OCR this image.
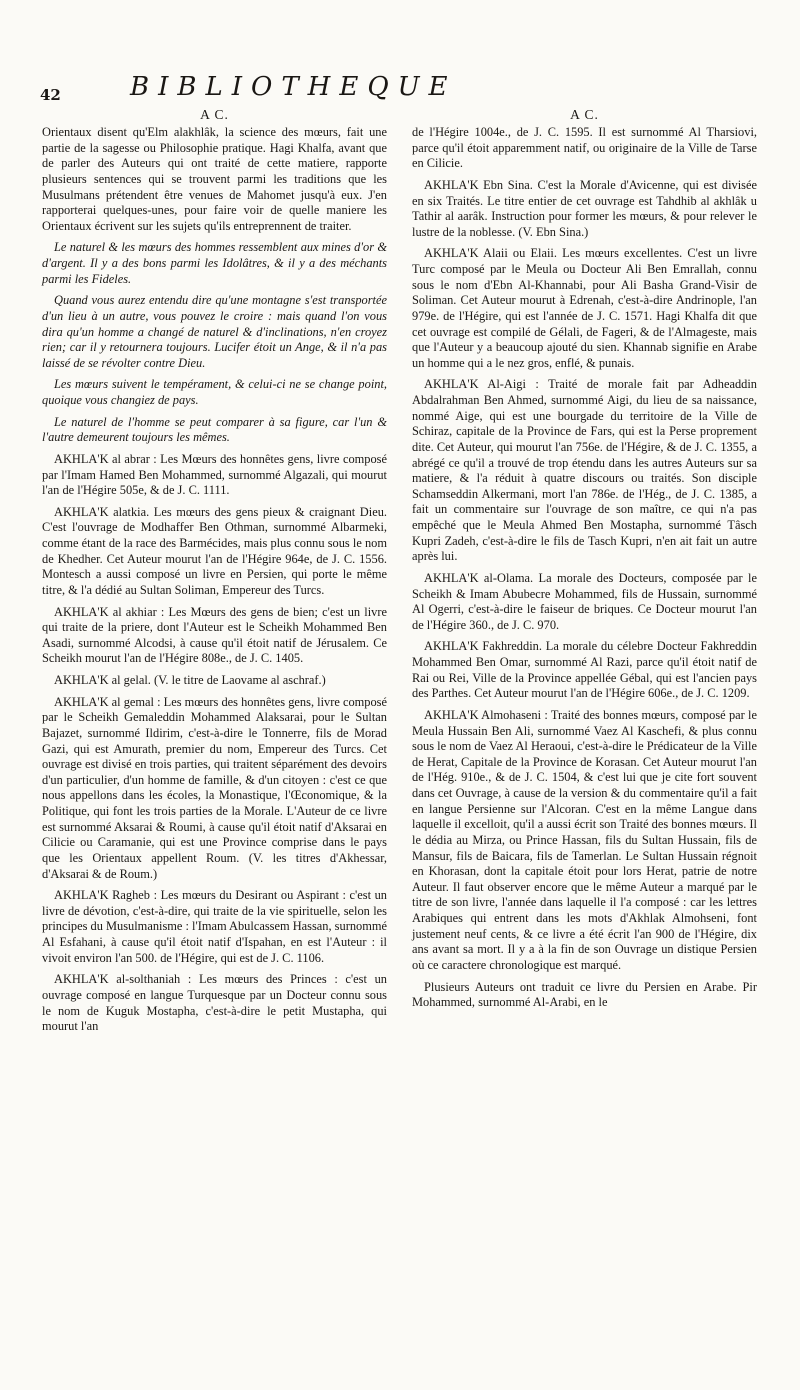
42	BIBLIOTHEQUE
A C.

Orientaux disent qu'Elm alakhlâk, la science des mœurs, fait une partie de la sagesse ou Philosophie pratique. Hagi Khalfa, avant que de parler des Auteurs qui ont traité de cette matiere, rapporte plusieurs sentences qui se trouvent parmi les traditions que les Musulmans prétendent être venues de Mahomet jusqu'à eux. J'en rapporterai quelques-unes, pour faire voir de quelle maniere les Orientaux écrivent sur les sujets qu'ils entreprennent de traiter.

Le naturel & les mœurs des hommes ressemblent aux mines d'or & d'argent. Il y a des bons parmi les Idolâtres, & il y a des méchants parmi les Fideles.

Quand vous aurez entendu dire qu'une montagne s'est transportée d'un lieu à un autre, vous pouvez le croire : mais quand l'on vous dira qu'un homme a changé de naturel & d'inclinations, n'en croyez rien; car il y retournera toujours. Lucifer étoit un Ange, & il n'a pas laissé de se révolter contre Dieu.

Les mœurs suivent le tempérament, & celui-ci ne se change point, quoique vous changiez de pays.

Le naturel de l'homme se peut comparer à sa figure, car l'un & l'autre demeurent toujours les mêmes.

AKHLA'K al abrar : Les Mœurs des honnêtes gens, livre composé par l'Imam Hamed Ben Mohammed, surnommé Algazali, qui mourut l'an de l'Hégire 505e, & de J. C. 1111.

AKHLA'K alatkia. Les mœurs des gens pieux & craignant Dieu. C'est l'ouvrage de Modhaffer Ben Othman, surnommé Albarmeki, comme étant de la race des Barmécides, mais plus connu sous le nom de Khedher. Cet Auteur mourut l'an de l'Hégire 964e, de J. C. 1556. Montesch a aussi composé un livre en Persien, qui porte le même titre, & l'a dédié au Sultan Soliman, Empereur des Turcs.

AKHLA'K al akhiar : Les Mœurs des gens de bien; c'est un livre qui traite de la priere, dont l'Auteur est le Scheikh Mohammed Ben Asadi, surnommé Alcodsi, à cause qu'il étoit natif de Jérusalem. Ce Scheikh mourut l'an de l'Hégire 808e., de J. C. 1405.

AKHLA'K al gelal. (V. le titre de Laovame al aschraf.)

AKHLA'K al gemal : Les mœurs des honnêtes gens, livre composé par le Scheikh Gemaleddin Mohammed Alaksarai, pour le Sultan Bajazet, surnommé Ildirim, c'est-à-dire le Tonnerre, fils de Morad Gazi, qui est Amurath, premier du nom, Empereur des Turcs. Cet ouvrage est divisé en trois parties, qui traitent séparément des devoirs d'un particulier, d'un homme de famille, & d'un citoyen : c'est ce que nous appellons dans les écoles, la Monastique, l'Œconomique, & la Politique, qui font les trois parties de la Morale. L'Auteur de ce livre est surnommé Aksarai & Roumi, à cause qu'il étoit natif d'Aksarai en Cilicie ou Caramanie, qui est une Province comprise dans le pays que les Orientaux appellent Roum. (V. les titres d'Akhessar, d'Aksarai & de Roum.)

AKHLA'K Ragheb : Les mœurs du Desirant ou Aspirant : c'est un livre de dévotion, c'est-à-dire, qui traite de la vie spirituelle, selon les principes du Musulmanisme : l'Imam Abulcassem Hassan, surnommé Al Esfahani, à cause qu'il étoit natif d'Ispahan, en est l'Auteur : il vivoit environ l'an 500. de l'Hégire, qui est de J. C. 1106.

AKHLA'K al-solthaniah : Les mœurs des Princes : c'est un ouvrage composé en langue Turquesque par un Docteur connu sous le nom de Kuguk Mostapha, c'est-à-dire le petit Mustapha, qui mourut l'an

A C.

de l'Hégire 1004e., de J. C. 1595. Il est surnommé Al Tharsiovi, parce qu'il étoit apparemment natif, ou originaire de la Ville de Tarse en Cilicie.

AKHLA'K Ebn Sina. C'est la Morale d'Avicenne, qui est divisée en six Traités. Le titre entier de cet ouvrage est Tahdhib al akhlâk u Tathir al aarâk. Instruction pour former les mœurs, & pour relever le lustre de la noblesse. (V. Ebn Sina.)

AKHLA'K Alaii ou Elaii. Les mœurs excellentes. C'est un livre Turc composé par le Meula ou Docteur Ali Ben Emrallah, connu sous le nom d'Ebn Al-Khannabi, pour Ali Basha Grand-Visir de Soliman. Cet Auteur mourut à Edrenah, c'est-à-dire Andrinople, l'an 979e. de l'Hégire, qui est l'année de J. C. 1571. Hagi Khalfa dit que cet ouvrage est compilé de Gélali, de Fageri, & de l'Almageste, mais que l'Auteur y a beaucoup ajouté du sien. Khannab signifie en Arabe un homme qui a le nez gros, enflé, & punais.

AKHLA'K Al-Aigi : Traité de morale fait par Adheaddin Abdalrahman Ben Ahmed, surnommé Aigi, du lieu de sa naissance, nommé Aige, qui est une bourgade du territoire de la Ville de Schiraz, capitale de la Province de Fars, qui est la Perse proprement dite. Cet Auteur, qui mourut l'an 756e. de l'Hégire, & de J. C. 1355, a abrégé ce qu'il a trouvé de trop étendu dans les autres Auteurs sur sa matiere, & l'a réduit à quatre discours ou traités. Son disciple Schamseddin Alkermani, mort l'an 786e. de l'Hég., de J. C. 1385, a fait un commentaire sur l'ouvrage de son maître, ce qui n'a pas empêché que le Meula Ahmed Ben Mostapha, surnommé Tâsch Kupri Zadeh, c'est-à-dire le fils de Tasch Kupri, n'en ait fait un autre après lui.

AKHLA'K al-Olama. La morale des Docteurs, composée par le Scheikh & Imam Abubecre Mohammed, fils de Hussain, surnommé Al Ogerri, c'est-à-dire le faiseur de briques. Ce Docteur mourut l'an de l'Hégire 360., de J. C. 970.

AKHLA'K Fakhreddin. La morale du célebre Docteur Fakhreddin Mohammed Ben Omar, surnommé Al Razi, parce qu'il étoit natif de Rai ou Rei, Ville de la Province appellée Gébal, qui est l'ancien pays des Parthes. Cet Auteur mourut l'an de l'Hégire 606e., de J. C. 1209.

AKHLA'K Almohaseni : Traité des bonnes mœurs, composé par le Meula Hussain Ben Ali, surnommé Vaez Al Kaschefi, & plus connu sous le nom de Vaez Al Heraoui, c'est-à-dire le Prédicateur de la Ville de Herat, Capitale de la Province de Korasan. Cet Auteur mourut l'an de l'Hég. 910e., & de J. C. 1504, & c'est lui que je cite fort souvent dans cet Ouvrage, à cause de la version & du commentaire qu'il a fait en langue Persienne sur l'Alcoran. C'est en la même Langue dans laquelle il excelloit, qu'il a aussi écrit son Traité des bonnes mœurs. Il le dédia au Mirza, ou Prince Hassan, fils du Sultan Hussain, fils de Mansur, fils de Baicara, fils de Tamerlan. Le Sultan Hussain régnoit en Khorasan, dont la capitale étoit pour lors Herat, patrie de notre Auteur. Il faut observer encore que le même Auteur a marqué par le titre de son livre, l'année dans laquelle il l'a composé : car les lettres Arabiques qui entrent dans les mots d'Akhlak Almohseni, font justement neuf cents, & ce livre a été écrit l'an 900 de l'Hégire, dix ans avant sa mort. Il y a à la fin de son Ouvrage un distique Persien où ce caractere chronologique est marqué.

Plusieurs Auteurs ont traduit ce livre du Persien en Arabe. Pir Mohammed, surnommé Al-Arabi, en le
